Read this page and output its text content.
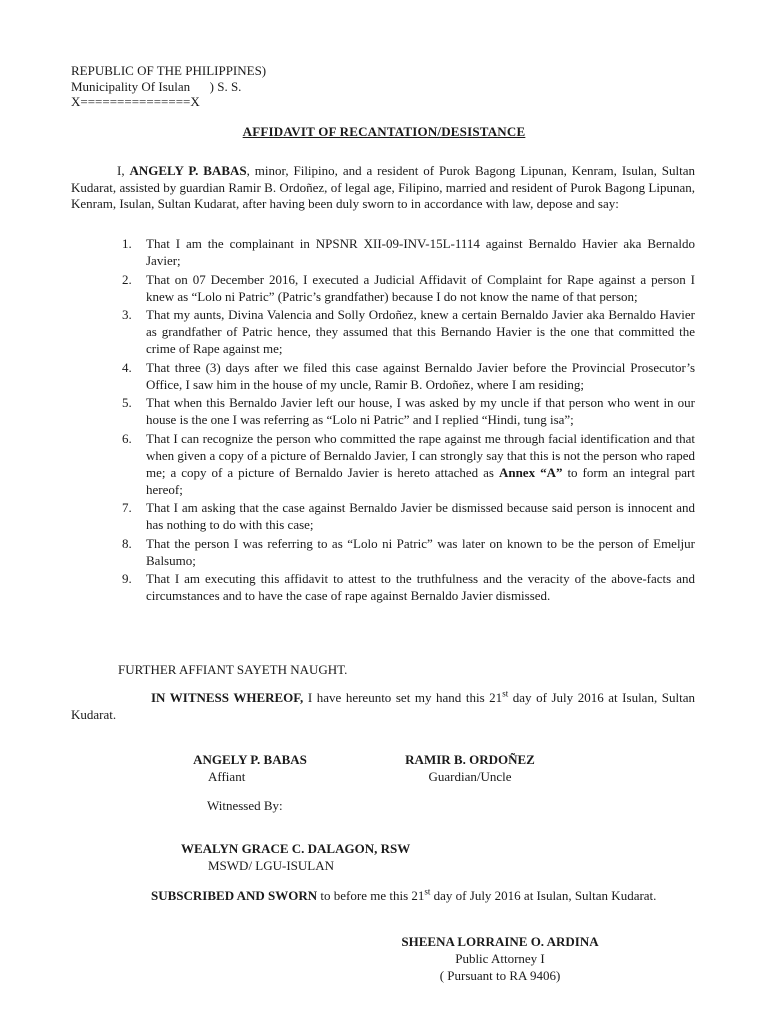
REPUBLIC OF THE PHILIPPINES)
Municipality Of Isulan      ) S. S.
X===============X
AFFIDAVIT OF RECANTATION/DESISTANCE
I, ANGELY P. BABAS, minor, Filipino, and a resident of Purok Bagong Lipunan, Kenram, Isulan, Sultan Kudarat, assisted by guardian Ramir B. Ordoñez, of legal age, Filipino, married and resident of Purok Bagong Lipunan, Kenram, Isulan, Sultan Kudarat, after having been duly sworn to in accordance with law, depose and say:
1. That I am the complainant in NPSNR XII-09-INV-15L-1114 against Bernaldo Havier aka Bernaldo Javier;
2. That on 07 December 2016, I executed a Judicial Affidavit of Complaint for Rape against a person I knew as “Lolo ni Patric” (Patric’s grandfather) because I do not know the name of that person;
3. That my aunts, Divina Valencia and Solly Ordoñez, knew a certain Bernaldo Javier aka Bernaldo Havier as grandfather of Patric hence, they assumed that this Bernando Havier is the one that committed the crime of Rape against me;
4. That three (3) days after we filed this case against Bernaldo Javier before the Provincial Prosecutor’s Office, I saw him in the house of my uncle, Ramir B. Ordoñez, where I am residing;
5. That when this Bernaldo Javier left our house, I was asked by my uncle if that person who went in our house is the one I was referring as “Lolo ni Patric” and I replied “Hindi, tung isa”;
6. That I can recognize the person who committed the rape against me through facial identification and that when given a copy of a picture of Bernaldo Javier, I can strongly say that this is not the person who raped me; a copy of a picture of Bernaldo Javier is hereto attached as Annex “A” to form an integral part hereof;
7. That I am asking that the case against Bernaldo Javier be dismissed because said person is innocent and has nothing to do with this case;
8. That the person I was referring to as “Lolo ni Patric” was later on known to be the person of Emeljur Balsumo;
9. That I am executing this affidavit to attest to the truthfulness and the veracity of the above-facts and circumstances and to have the case of rape against Bernaldo Javier dismissed.
FURTHER AFFIANT SAYETH NAUGHT.
IN WITNESS WHEREOF, I have hereunto set my hand this 21st day of July 2016 at Isulan, Sultan Kudarat.
ANGELY P. BABAS
Affiant
RAMIR B. ORDOÑEZ
Guardian/Uncle
Witnessed By:
WEALYN GRACE C. DALAGON, RSW
MSWD/ LGU-ISULAN
SUBSCRIBED AND SWORN to before me this 21st day of July 2016 at Isulan, Sultan Kudarat.
SHEENA LORRAINE O. ARDINA
Public Attorney I
( Pursuant to RA 9406)
